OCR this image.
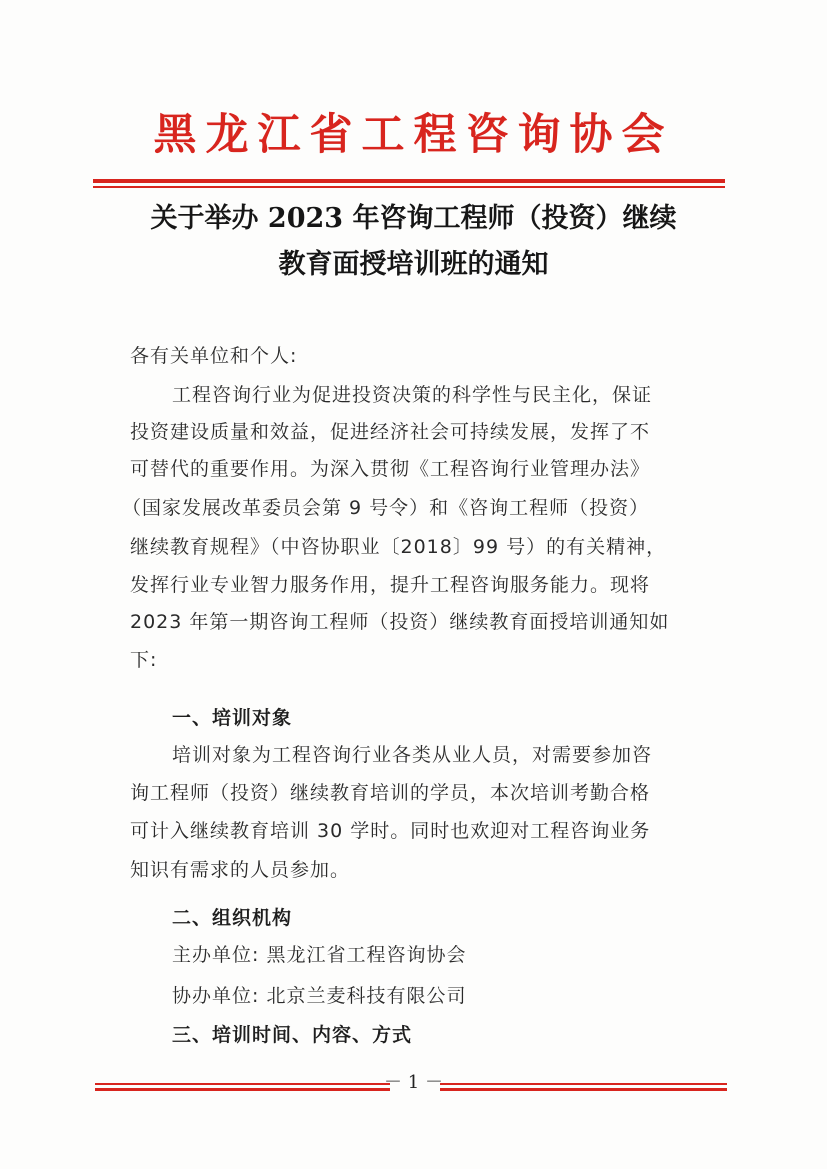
黑龙江省工程咨询协会
关于举办 2023 年咨询工程师（投资）继续
教育面授培训班的通知
各有关单位和个人:
工程咨询行业为促进投资决策的科学性与民主化，保证
投资建设质量和效益，促进经济社会可持续发展，发挥了不
可替代的重要作用。为深入贯彻《工程咨询行业管理办法》
（国家发展改革委员会第 9 号令）和《咨询工程师（投资）
继续教育规程》（中咨协职业〔2018〕99 号）的有关精神，
发挥行业专业智力服务作用，提升工程咨询服务能力。现将
2023 年第一期咨询工程师（投资）继续教育面授培训通知如
下:
一、培训对象
培训对象为工程咨询行业各类从业人员，对需要参加咨
询工程师（投资）继续教育培训的学员，本次培训考勤合格
可计入继续教育培训 30 学时。同时也欢迎对工程咨询业务
知识有需求的人员参加。
二、组织机构
主办单位: 黑龙江省工程咨询协会
协办单位: 北京兰麦科技有限公司
三、培训时间、内容、方式
－ 1 －
